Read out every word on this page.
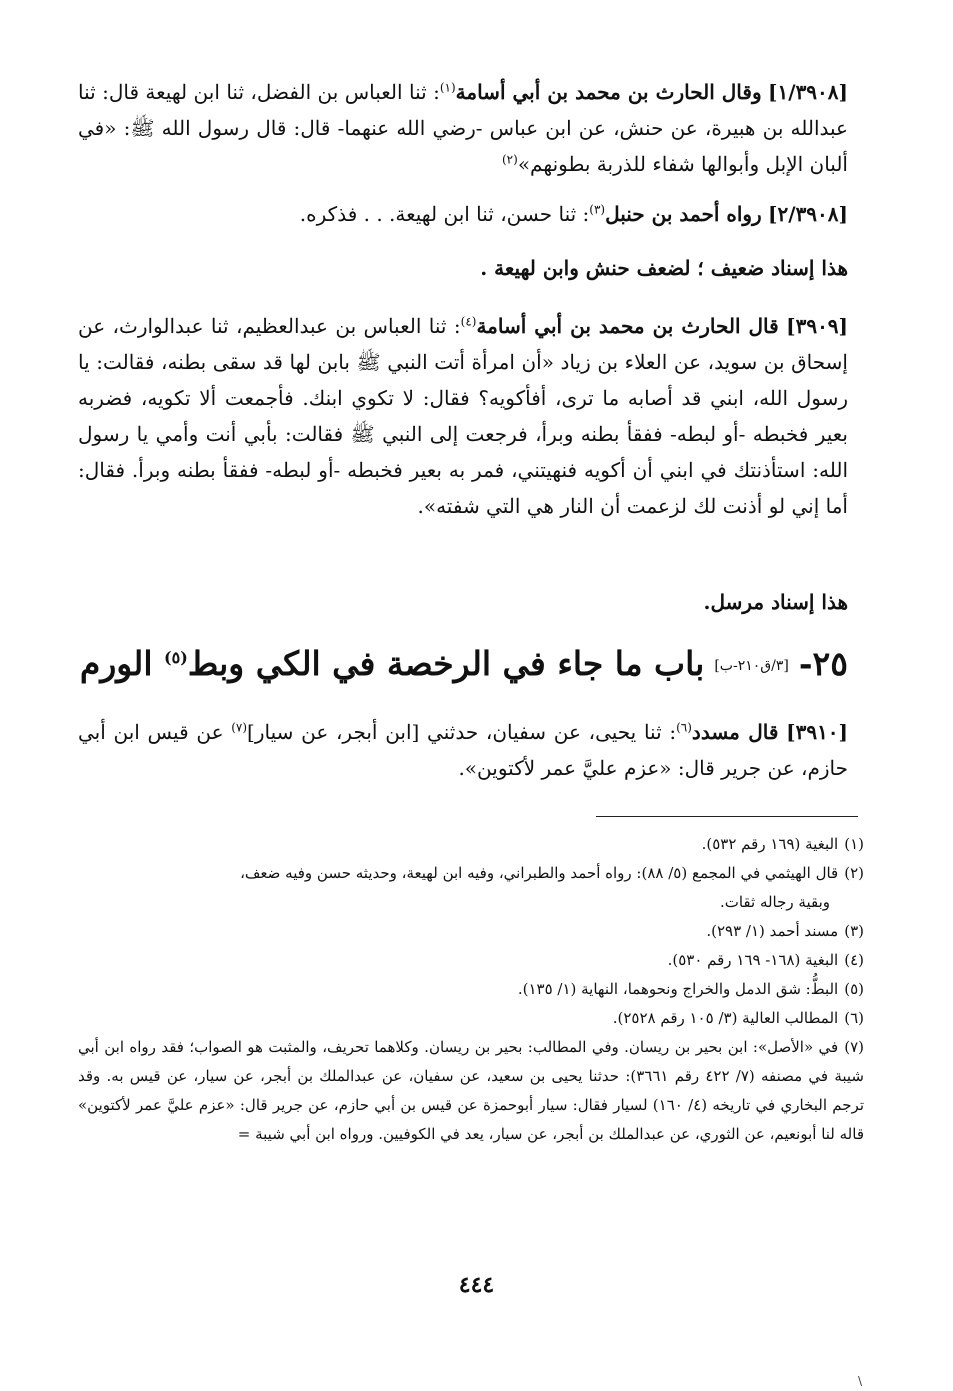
[١/٣٩٠٨] وقال الحارث بن محمد بن أبي أسامة$^{(١)}$: ثنا العباس بن الفضل، ثنا ابن لهيعة قال: ثنا عبدالله بن هبيرة، عن حنش، عن ابن عباس -رضي الله عنهما- قال: قال رسول الله ﷺ: «في ألبان الإبل وأبوالها شفاء للذربة بطونهم»$^{(٢)}$

[٢/٣٩٠٨] رواه أحمد بن حنبل$^{(٣)}$: ثنا حسن، ثنا ابن لهيعة. . . فذكره.

هذا إسناد ضعيف ؛ لضعف حنش وابن لهيعة .

[٣٩٠٩] قال الحارث بن محمد بن أبي أسامة$^{(٤)}$: ثنا العباس بن عبدالعظيم، ثنا عبدالوارث، عن إسحاق بن سويد، عن العلاء بن زياد «أن امرأة أتت النبي ﷺ بابن لها قد سقى بطنه، فقالت: يا رسول الله، ابني قد أصابه ما ترى، أفأكويه؟ فقال: لا تكوي ابنك. فأجمعت ألا تكويه، فضربه بعير فخبطه -أو لبطه- ففقأ بطنه وبرأ، فرجعت إلى النبي ﷺ فقالت: بأبي أنت وأمي يا رسول الله: استأذنتك في ابني أن أكويه فنهيتني، فمر به بعير فخبطه -أو لبطه- ففقأ بطنه وبرأ. فقال: أما إني لو أذنت لك لزعمت أن النار هي التي شفته».

هذا إسناد مرسل.

٢٥-[٣/ق٢١٠-ب]باب ما جاء في الرخصة في الكي وبط$^{(٥)}$ الورم

[٣٩١٠] قال مسدد$^{(٦)}$: ثنا يحيى، عن سفيان، حدثني [ابن أبجر، عن سيار]$^{(٧)}$ عن قيس ابن أبي حازم، عن جرير قال: «عزم عليَّ عمر لأكتوين».

(١)البغية (١٦٩ رقم ٥٣٢).
(٢)قال الهيثمي في المجمع (٥/ ٨٨): رواه أحمد والطبراني، وفيه ابن لهيعة، وحديثه حسن وفيه ضعف،
وبقية رجاله ثقات.
(٣)مسند أحمد (١/ ٢٩٣).
(٤)البغية (١٦٨- ١٦٩ رقم ٥٣٠).
(٥)البطُّ: شق الدمل والخراج ونحوهما، النهاية (١/ ١٣٥).
(٦)المطالب العالية (٣/ ١٠٥ رقم ٢٥٢٨).
(٧)في «الأصل»: ابن بحير بن ريسان. وفي المطالب: بحير بن ريسان. وكلاهما تحريف، والمثبت هو الصواب؛ فقد رواه ابن أبي شيبة في مصنفه (٧/ ٤٢٢ رقم ٣٦٦١): حدثنا يحيى بن سعيد، عن سفيان، عن عبدالملك بن أبجر، عن سيار، عن قيس به. وقد ترجم البخاري في تاريخه (٤/ ١٦٠) لسيار فقال: سيار أبوحمزة عن قيس بن أبي حازم، عن جرير قال: «عزم عليَّ عمر لأكتوين» قاله لنا أبونعيم، عن الثوري، عن عبدالملك بن أبجر، عن سيار، يعد في الكوفيين. ورواه ابن أبي شيبة =
٤٤٤
\
